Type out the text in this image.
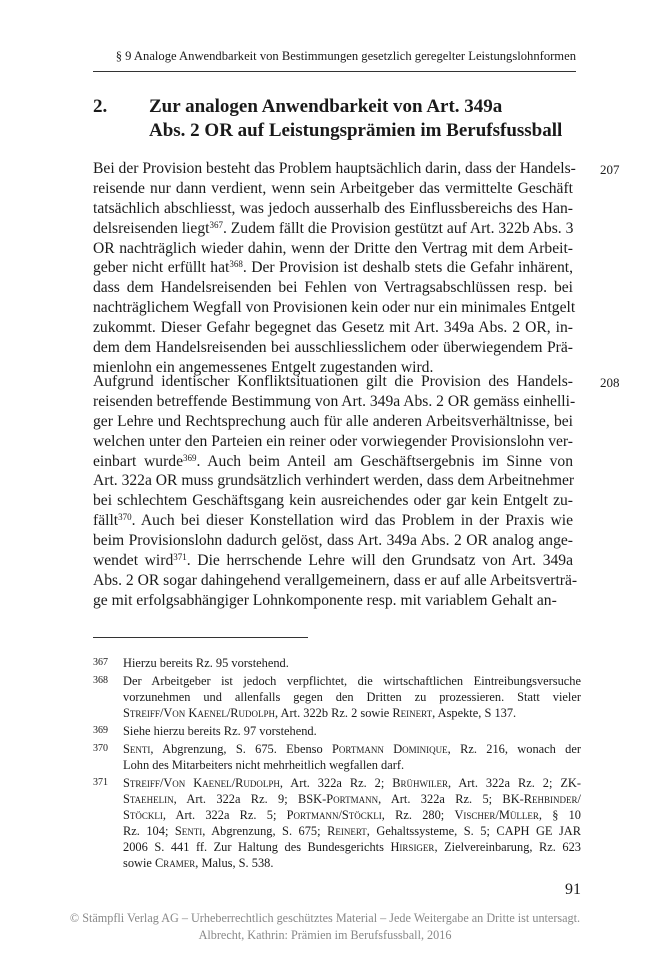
§ 9 Analoge Anwendbarkeit von Bestimmungen gesetzlich geregelter Leistungslohnformen
2. Zur analogen Anwendbarkeit von Art. 349a
Abs. 2 OR auf Leistungsprämien im Berufsfussball
Bei der Provision besteht das Problem hauptsächlich darin, dass der Handels-
reisende nur dann verdient, wenn sein Arbeitgeber das vermittelte Geschäft
tatsächlich abschliesst, was jedoch ausserhalb des Einflussbereichs des Han-
delsreisenden liegt$^{367}$. Zudem fällt die Provision gestützt auf Art. 322b Abs. 3
OR nachträglich wieder dahin, wenn der Dritte den Vertrag mit dem Arbeit-
geber nicht erfüllt hat$^{368}$. Der Provision ist deshalb stets die Gefahr inhärent,
dass dem Handelsreisenden bei Fehlen von Vertragsabschlüssen resp. bei
nachträglichem Wegfall von Provisionen kein oder nur ein minimales Entgelt
zukommt. Dieser Gefahr begegnet das Gesetz mit Art. 349a Abs. 2 OR, in-
dem dem Handelsreisenden bei ausschliesslichem oder überwiegendem Prä-
mienlohn ein angemessenes Entgelt zugestanden wird.
207
Aufgrund identischer Konfliktsituationen gilt die Provision des Handels-
reisenden betreffende Bestimmung von Art. 349a Abs. 2 OR gemäss einhelli-
ger Lehre und Rechtsprechung auch für alle anderen Arbeitsverhältnisse, bei
welchen unter den Parteien ein reiner oder vorwiegender Provisionslohn ver-
einbart wurde$^{369}$. Auch beim Anteil am Geschäftsergebnis im Sinne von
Art. 322a OR muss grundsätzlich verhindert werden, dass dem Arbeitnehmer
bei schlechtem Geschäftsgang kein ausreichendes oder gar kein Entgelt zu-
fällt$^{370}$. Auch bei dieser Konstellation wird das Problem in der Praxis wie
beim Provisionslohn dadurch gelöst, dass Art. 349a Abs. 2 OR analog ange-
wendet wird$^{371}$. Die herrschende Lehre will den Grundsatz von Art. 349a
Abs. 2 OR sogar dahingehend verallgemeinern, dass er auf alle Arbeitsverträ-
ge mit erfolgsabhängiger Lohnkomponente resp. mit variablem Gehalt an-
208
367 Hierzu bereits Rz. 95 vorstehend.
368 Der Arbeitgeber ist jedoch verpflichtet, die wirtschaftlichen Eintreibungsversuche
vorzunehmen und allenfalls gegen den Dritten zu prozessieren. Statt vieler
Streiff/Von Kaenel/Rudolph, Art. 322b Rz. 2 sowie Reinert, Aspekte, S 137.
369 Siehe hierzu bereits Rz. 97 vorstehend.
370 Senti, Abgrenzung, S. 675. Ebenso Portmann Dominique, Rz. 216, wonach der
Lohn des Mitarbeiters nicht mehrheitlich wegfallen darf.
371 Streiff/Von Kaenel/Rudolph, Art. 322a Rz. 2; Brühwiler, Art. 322a Rz. 2; ZK-
Staehelin, Art. 322a Rz. 9; BSK-Portmann, Art. 322a Rz. 5; BK-Rehbinder/
Stöckli, Art. 322a Rz. 5; Portmann/Stöckli, Rz. 280; Vischer/Müller, § 10
Rz. 104; Senti, Abgrenzung, S. 675; Reinert, Gehaltssysteme, S. 5; CAPH GE JAR
2006 S. 441 ff. Zur Haltung des Bundesgerichts Hirsiger, Zielvereinbarung, Rz. 623
sowie Cramer, Malus, S. 538.
91
© Stämpfli Verlag AG – Urheberrechtlich geschütztes Material – Jede Weitergabe an Dritte ist untersagt.
Albrecht, Kathrin: Prämien im Berufsfussball, 2016
